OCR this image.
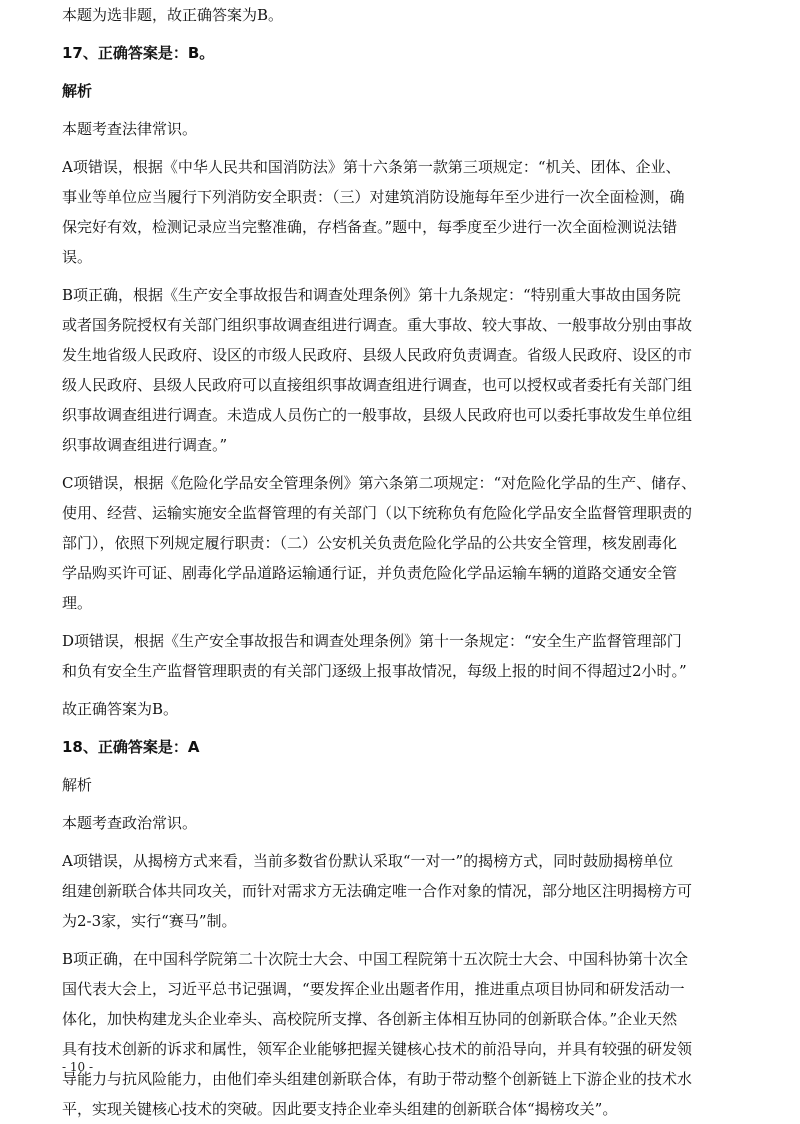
本题为选非题，故正确答案为B。

17、正确答案是：B。

解析

本题考查法律常识。

A项错误，根据《中华人民共和国消防法》第十六条第一款第三项规定：“机关、团体、企业、

事业等单位应当履行下列消防安全职责：（三）对建筑消防设施每年至少进行一次全面检测，确

保完好有效，检测记录应当完整准确，存档备查。”题中，每季度至少进行一次全面检测说法错

误。

B项正确，根据《生产安全事故报告和调查处理条例》第十九条规定：“特别重大事故由国务院

或者国务院授权有关部门组织事故调查组进行调查。重大事故、较大事故、一般事故分别由事故

发生地省级人民政府、设区的市级人民政府、县级人民政府负责调查。省级人民政府、设区的市

级人民政府、县级人民政府可以直接组织事故调查组进行调查，也可以授权或者委托有关部门组

织事故调查组进行调查。未造成人员伤亡的一般事故，县级人民政府也可以委托事故发生单位组

织事故调查组进行调查。”

C项错误，根据《危险化学品安全管理条例》第六条第二项规定：“对危险化学品的生产、储存、

使用、经营、运输实施安全监督管理的有关部门（以下统称负有危险化学品安全监督管理职责的

部门），依照下列规定履行职责：（二）公安机关负责危险化学品的公共安全管理，核发剧毒化

学品购买许可证、剧毒化学品道路运输通行证，并负责危险化学品运输车辆的道路交通安全管

理。

D项错误，根据《生产安全事故报告和调查处理条例》第十一条规定：“安全生产监督管理部门

和负有安全生产监督管理职责的有关部门逐级上报事故情况，每级上报的时间不得超过2小时。”

故正确答案为B。

18、正确答案是：A

解析

本题考查政治常识。

A项错误，从揭榜方式来看，当前多数省份默认采取“一对一”的揭榜方式，同时鼓励揭榜单位

组建创新联合体共同攻关，而针对需求方无法确定唯一合作对象的情况，部分地区注明揭榜方可

为2-3家，实行“赛马”制。

B项正确，在中国科学院第二十次院士大会、中国工程院第十五次院士大会、中国科协第十次全

国代表大会上，习近平总书记强调，“要发挥企业出题者作用，推进重点项目协同和研发活动一

体化，加快构建龙头企业牵头、高校院所支撑、各创新主体相互协同的创新联合体。”企业天然

具有技术创新的诉求和属性，领军企业能够把握关键核心技术的前沿导向，并具有较强的研发领

导能力与抗风险能力，由他们牵头组建创新联合体，有助于带动整个创新链上下游企业的技术水

平，实现关键核心技术的突破。因此要支持企业牵头组建的创新联合体“揭榜攻关”。

- 10 -
